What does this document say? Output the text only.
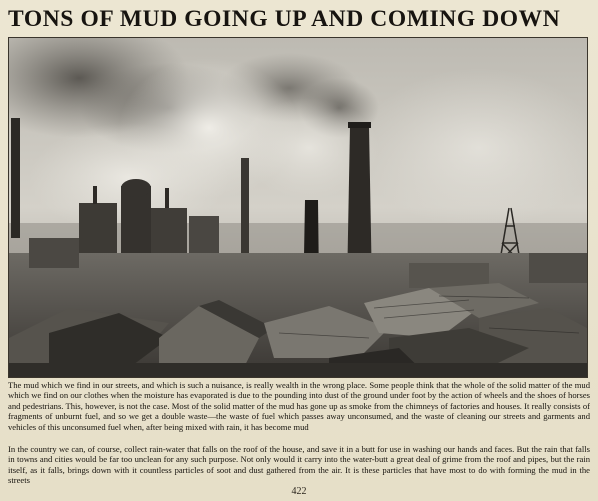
TONS OF MUD GOING UP AND COMING DOWN

The mud which we find in our streets, and which is such a nuisance, is really wealth in the wrong place. Some people think that the whole of the solid matter of the mud which we find on our clothes when the moisture has evaporated is due to the pounding into dust of the ground under foot by the action of wheels and the shoes of horses and pedestrians. This, however, is not the case. Most of the solid matter of the mud has gone up as smoke from the chimneys of factories and houses. It really consists of fragments of unburnt fuel, and so we get a double waste—the waste of fuel which passes away unconsumed, and the waste of cleaning our streets and garments and vehicles of this unconsumed fuel when, after being mixed with rain, it has become mud

In the country we can, of course, collect rain-water that falls on the roof of the house, and save it in a butt for use in washing our hands and faces. But the rain that falls in towns and cities would be far too unclean for any such purpose. Not only would it carry into the water-butt a great deal of grime from the roof and pipes, but the rain itself, as it falls, brings down with it countless particles of soot and dust gathered from the air. It is these particles that have most to do with forming the mud in the streets

422
